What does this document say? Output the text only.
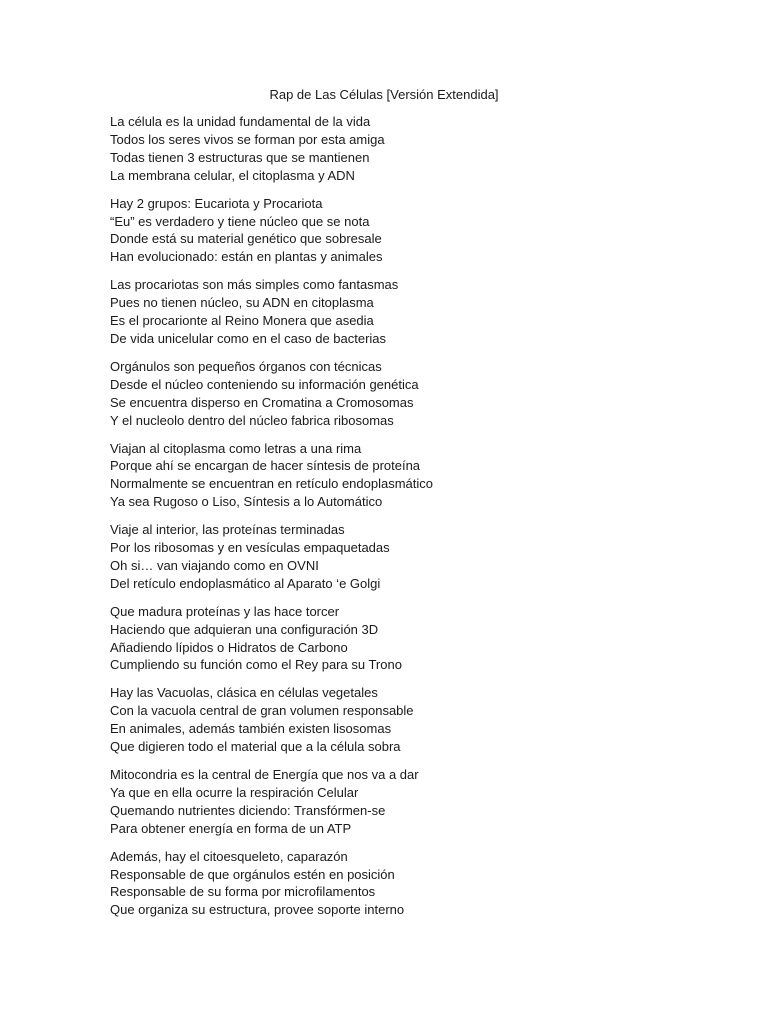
Rap de Las Células [Versión Extendida]
La célula es la unidad fundamental de la vida
Todos los seres vivos se forman por esta amiga
Todas tienen 3 estructuras que se mantienen
La membrana celular, el citoplasma y ADN
Hay 2 grupos: Eucariota y Procariota
“Eu” es verdadero y tiene núcleo que se nota
Donde está su material genético que sobresale
Han evolucionado: están en plantas y animales
Las procariotas son más simples como fantasmas
Pues no tienen núcleo, su ADN en citoplasma
Es el procarionte al Reino Monera que asedia
De vida unicelular como en el caso de bacterias
Orgánulos son pequeños órganos con técnicas
Desde el núcleo conteniendo su información genética
Se encuentra disperso en Cromatina a Cromosomas
Y el nucleolo dentro del núcleo fabrica ribosomas
Viajan al citoplasma como letras a una rima
Porque ahí se encargan de hacer síntesis de proteína
Normalmente se encuentran en retículo endoplasmático
Ya sea Rugoso o Liso, Síntesis a lo Automático
Viaje al interior, las proteínas terminadas
Por los ribosomas y en vesículas empaquetadas
Oh si… van viajando como en OVNI
Del retículo endoplasmático al Aparato ‘e Golgi
Que madura proteínas y las hace torcer
Haciendo que adquieran una configuración 3D
Añadiendo lípidos o Hidratos de Carbono
Cumpliendo su función como el Rey para su Trono
Hay las Vacuolas, clásica en células vegetales
Con la vacuola central de gran volumen responsable
En animales, además también existen lisosomas
Que digieren todo el material que a la célula sobra
Mitocondria es la central de Energía que nos va a dar
Ya que en ella ocurre la respiración Celular
Quemando nutrientes diciendo: Transfórmen-se
Para obtener energía en forma de un ATP
Además, hay el citoesqueleto, caparazón
Responsable de que orgánulos estén en posición
Responsable de su forma por microfilamentos
Que organiza su estructura, provee soporte interno
